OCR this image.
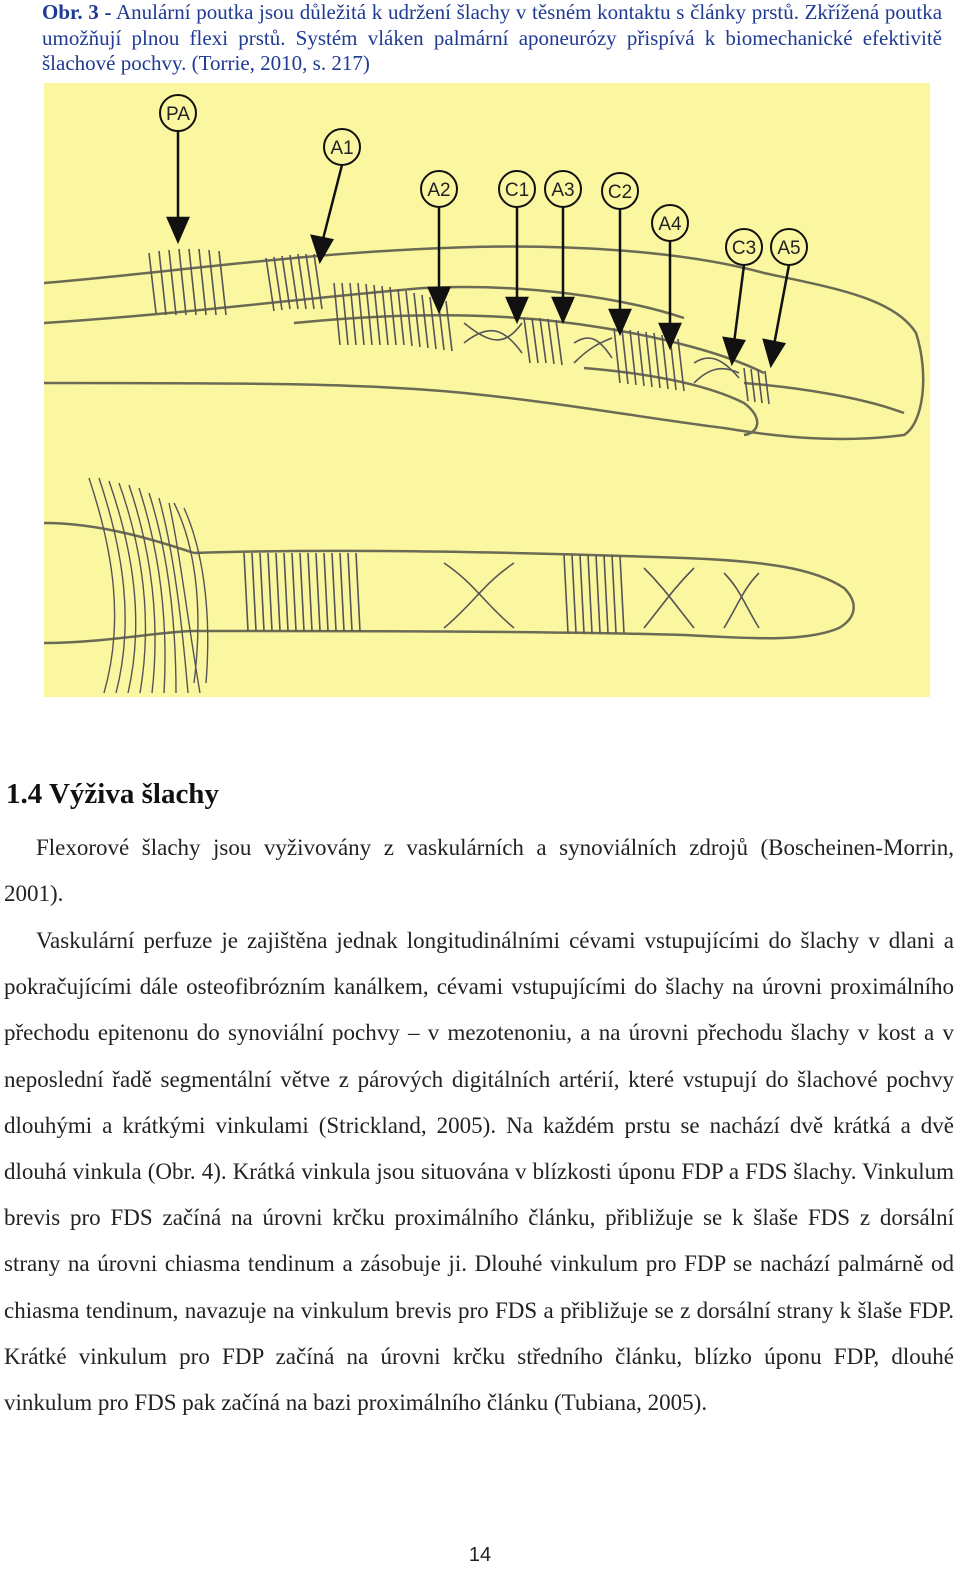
Obr. 3 - Anulární poutka jsou důležitá k udržení šlachy v těsném kontaktu s články prstů. Zkřížená poutka umožňují plnou flexi prstů. Systém vláken palmární aponeurózy přispívá k biomechanické efektivitě šlachové pochvy. (Torrie, 2010, s. 217)
PA
A1
A2	C1 A3 C2
A4
C3 A5
1.4 Výživa šlachy
Flexorové šlachy jsou vyživovány z vaskulárních a synoviálních zdrojů (Boscheinen-Morrin, 2001).
Vaskulární perfuze je zajištěna jednak longitudinálními cévami vstupujícími do šlachy v dlani a pokračujícími dále osteofibrózním kanálkem, cévami vstupujícími do šlachy na úrovni proximálního přechodu epitenonu do synoviální pochvy – v mezotenoniu, a na úrovni přechodu šlachy v kost a v neposlední řadě segmentální větve z párových digitálních artérií, které vstupují do šlachové pochvy dlouhými a krátkými vinkulami (Strickland, 2005). Na každém prstu se nachází dvě krátká a dvě dlouhá vinkula (Obr. 4). Krátká vinkula jsou situována v blízkosti úponu FDP a FDS šlachy. Vinkulum brevis pro FDS začíná na úrovni krčku proximálního článku, přibližuje se k šlaše FDS z dorsální strany na úrovni chiasma tendinum a zásobuje ji. Dlouhé vinkulum pro FDP se nachází palmárně od chiasma tendinum, navazuje na vinkulum brevis pro FDS a přibližuje se z dorsální strany k šlaše FDP. Krátké vinkulum pro FDP začíná na úrovni krčku středního článku, blízko úponu FDP, dlouhé vinkulum pro FDS pak začíná na bazi proximálního článku (Tubiana, 2005).
14
